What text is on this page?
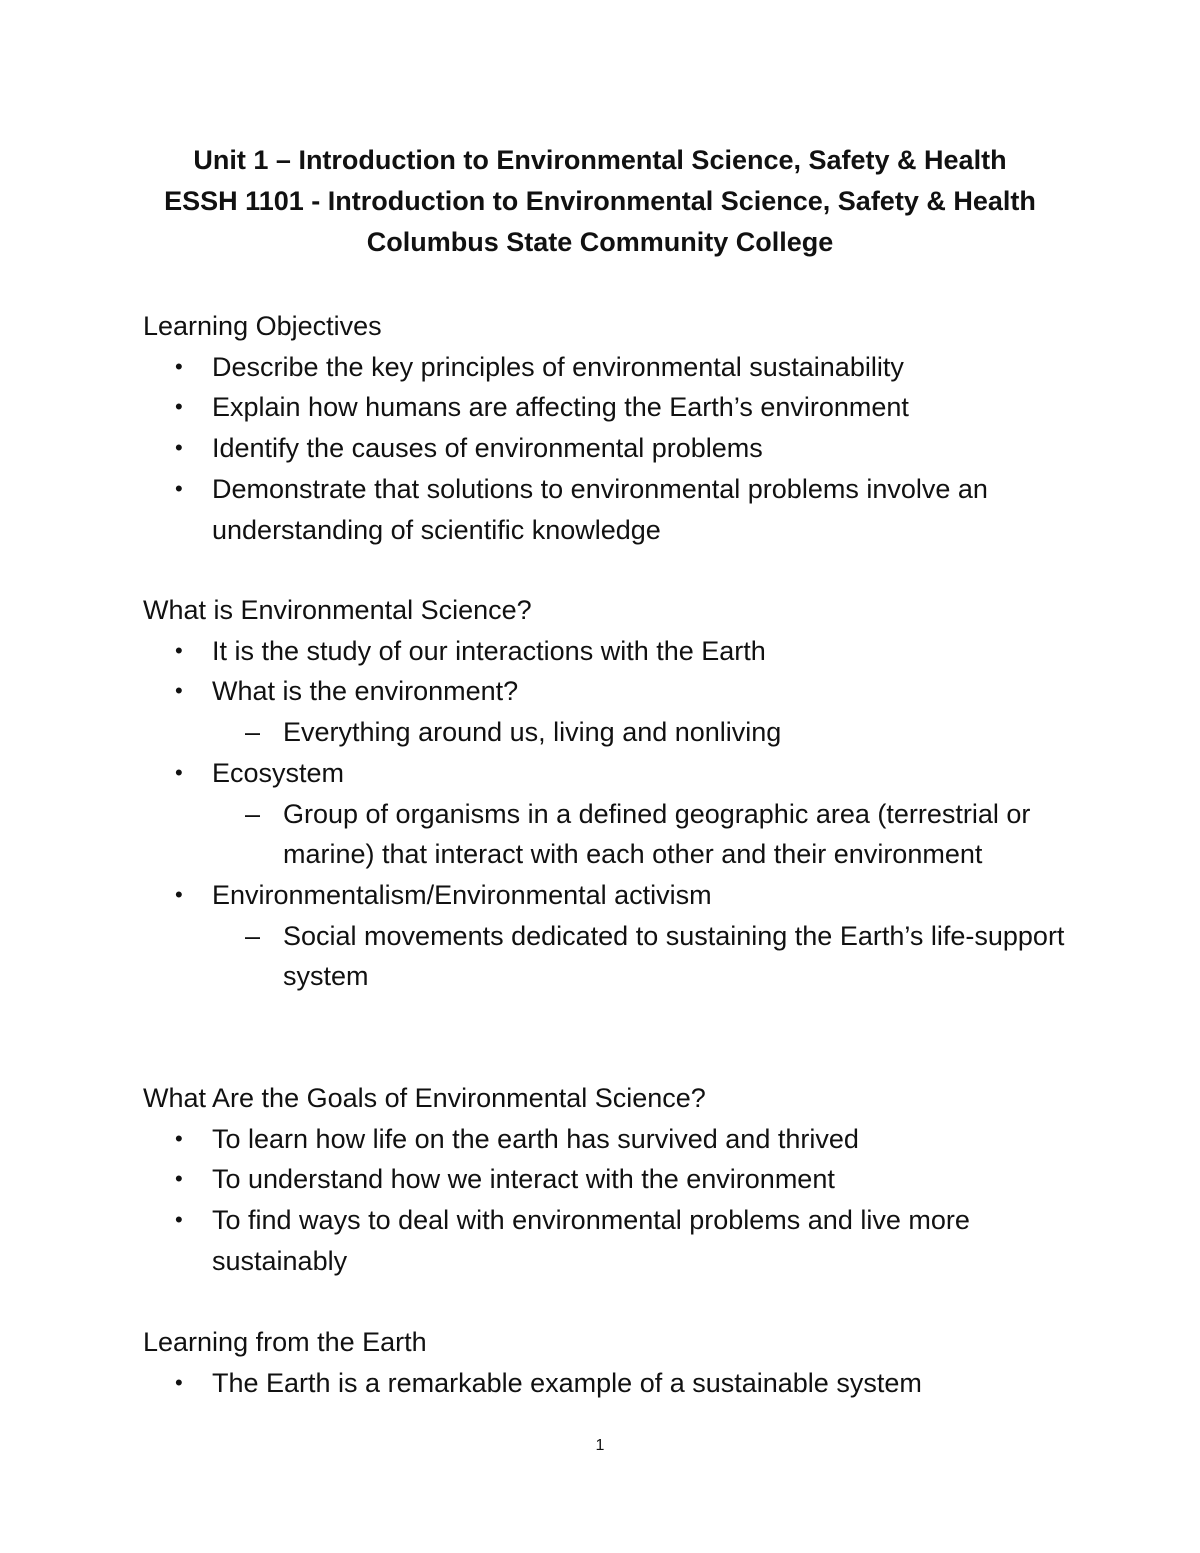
Unit 1 – Introduction to Environmental Science, Safety & Health
ESSH 1101 - Introduction to Environmental Science, Safety & Health
Columbus State Community College
Learning Objectives
• Describe the key principles of environmental sustainability
• Explain how humans are affecting the Earth’s environment
• Identify the causes of environmental problems
• Demonstrate that solutions to environmental problems involve an understanding of scientific knowledge
What is Environmental Science?
• It is the study of our interactions with the Earth
• What is the environment?
– Everything around us, living and nonliving
• Ecosystem
– Group of organisms in a defined geographic area (terrestrial or marine) that interact with each other and their environment
• Environmentalism/Environmental activism
– Social movements dedicated to sustaining the Earth’s life-support system
What Are the Goals of Environmental Science?
• To learn how life on the earth has survived and thrived
• To understand how we interact with the environment
• To find ways to deal with environmental problems and live more sustainably
Learning from the Earth
• The Earth is a remarkable example of a sustainable system
1
